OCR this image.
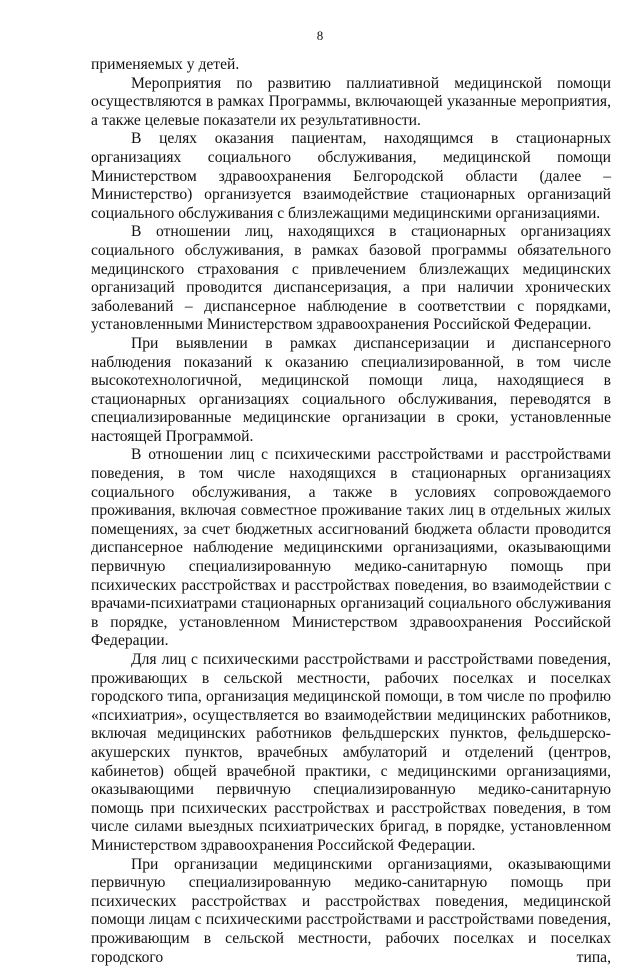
8

применяемых у детей.

Мероприятия по развитию паллиативной медицинской помощи осуществляются в рамках Программы, включающей указанные мероприятия, а также целевые показатели их результативности.

В целях оказания пациентам, находящимся в стационарных организациях социального обслуживания, медицинской помощи Министерством здравоохранения Белгородской области (далее – Министерство) организуется взаимодействие стационарных организаций социального обслуживания с близлежащими медицинскими организациями.

В отношении лиц, находящихся в стационарных организациях социального обслуживания, в рамках базовой программы обязательного медицинского страхования с привлечением близлежащих медицинских организаций проводится диспансеризация, а при наличии хронических заболеваний – диспансерное наблюдение в соответствии с порядками, установленными Министерством здравоохранения Российской Федерации.

При выявлении в рамках диспансеризации и диспансерного наблюдения показаний к оказанию специализированной, в том числе высокотехнологичной, медицинской помощи лица, находящиеся в стационарных организациях социального обслуживания, переводятся в специализированные медицинские организации в сроки, установленные настоящей Программой.

В отношении лиц с психическими расстройствами и расстройствами поведения, в том числе находящихся в стационарных организациях социального обслуживания, а также в условиях сопровождаемого проживания, включая совместное проживание таких лиц в отдельных жилых помещениях, за счет бюджетных ассигнований бюджета области проводится диспансерное наблюдение медицинскими организациями, оказывающими первичную специализированную медико-санитарную помощь при психических расстройствах и расстройствах поведения, во взаимодействии с врачами-психиатрами стационарных организаций социального обслуживания в порядке, установленном Министерством здравоохранения Российской Федерации.

Для лиц с психическими расстройствами и расстройствами поведения, проживающих в сельской местности, рабочих поселках и поселках городского типа, организация медицинской помощи, в том числе по профилю «психиатрия», осуществляется во взаимодействии медицинских работников, включая медицинских работников фельдшерских пунктов, фельдшерско-акушерских пунктов, врачебных амбулаторий и отделений (центров, кабинетов) общей врачебной практики, с медицинскими организациями, оказывающими первичную специализированную медико-санитарную помощь при психических расстройствах и расстройствах поведения, в том числе силами выездных психиатрических бригад, в порядке, установленном Министерством здравоохранения Российской Федерации.

При организации медицинскими организациями, оказывающими первичную специализированную медико-санитарную помощь при психических расстройствах и расстройствах поведения, медицинской помощи лицам с психическими расстройствами и расстройствами поведения, проживающим в сельской местности, рабочих поселках и поселках городского типа,
